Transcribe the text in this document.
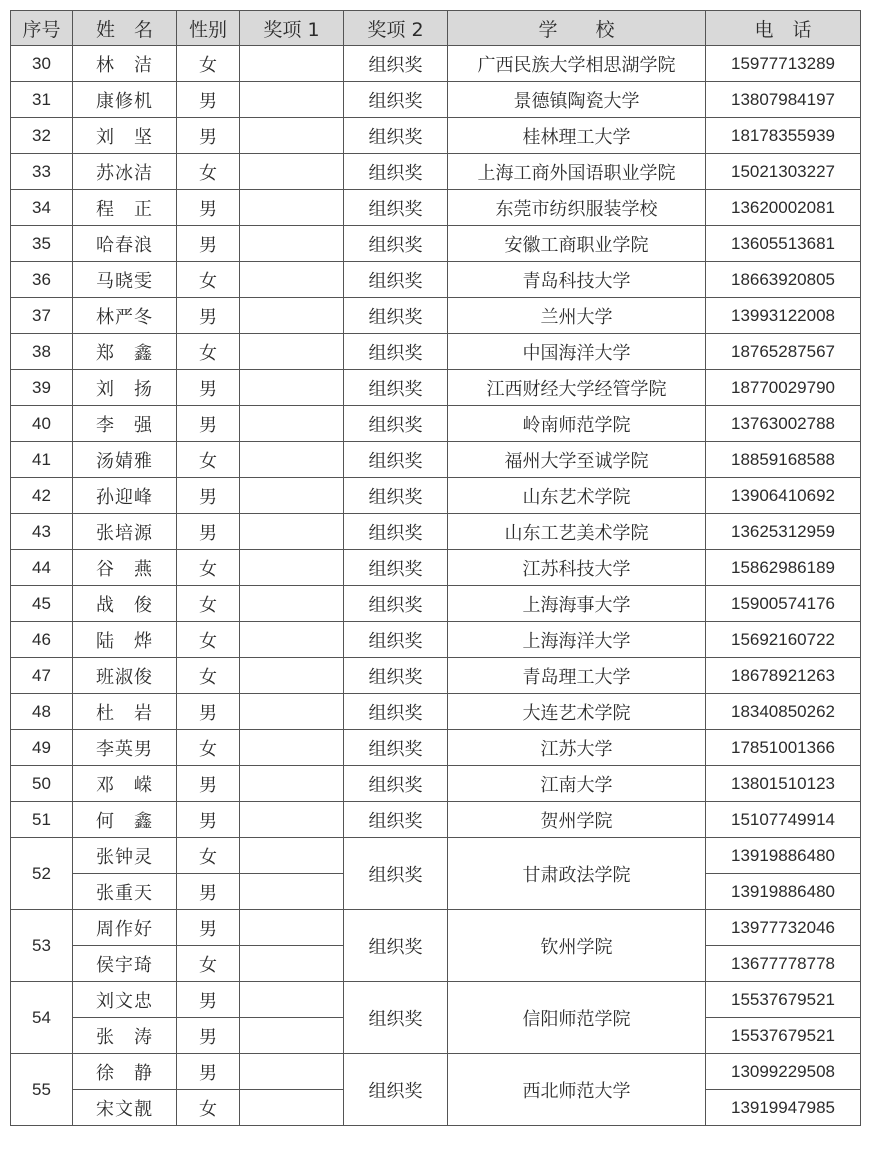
序号	姓　名	性别	奖项 1	奖项 2	学　　校	电　话
30	林　洁	女		组织奖	广西民族大学相思湖学院	15977713289
31	康修机	男		组织奖	景德镇陶瓷大学	13807984197
32	刘　坚	男		组织奖	桂林理工大学	18178355939
33	苏冰洁	女		组织奖	上海工商外国语职业学院	15021303227
34	程　正	男		组织奖	东莞市纺织服装学校	13620002081
35	哈春浪	男		组织奖	安徽工商职业学院	13605513681
36	马晓雯	女		组织奖	青岛科技大学	18663920805
37	林严冬	男		组织奖	兰州大学	13993122008
38	郑　鑫	女		组织奖	中国海洋大学	18765287567
39	刘　扬	男		组织奖	江西财经大学经管学院	18770029790
40	李　强	男		组织奖	岭南师范学院	13763002788
41	汤婧雅	女		组织奖	福州大学至诚学院	18859168588
42	孙迎峰	男		组织奖	山东艺术学院	13906410692
43	张培源	男		组织奖	山东工艺美术学院	13625312959
44	谷　燕	女		组织奖	江苏科技大学	15862986189
45	战　俊	女		组织奖	上海海事大学	15900574176
46	陆　烨	女		组织奖	上海海洋大学	15692160722
47	班淑俊	女		组织奖	青岛理工大学	18678921263
48	杜　岩	男		组织奖	大连艺术学院	18340850262
49	李英男	女		组织奖	江苏大学	17851001366
50	邓　嵘	男		组织奖	江南大学	13801510123
51	何　鑫	男		组织奖	贺州学院	15107749914
52	张钟灵	女		组织奖	甘肃政法学院	13919886480
	张重天	男				13919886480
53	周作好	男		组织奖	钦州学院	13977732046
	侯宇琦	女				13677778778
54	刘文忠	男		组织奖	信阳师范学院	15537679521
	张　涛	男				15537679521
55	徐　静	男		组织奖	西北师范大学	13099229508
	宋文靓	女				13919947985
